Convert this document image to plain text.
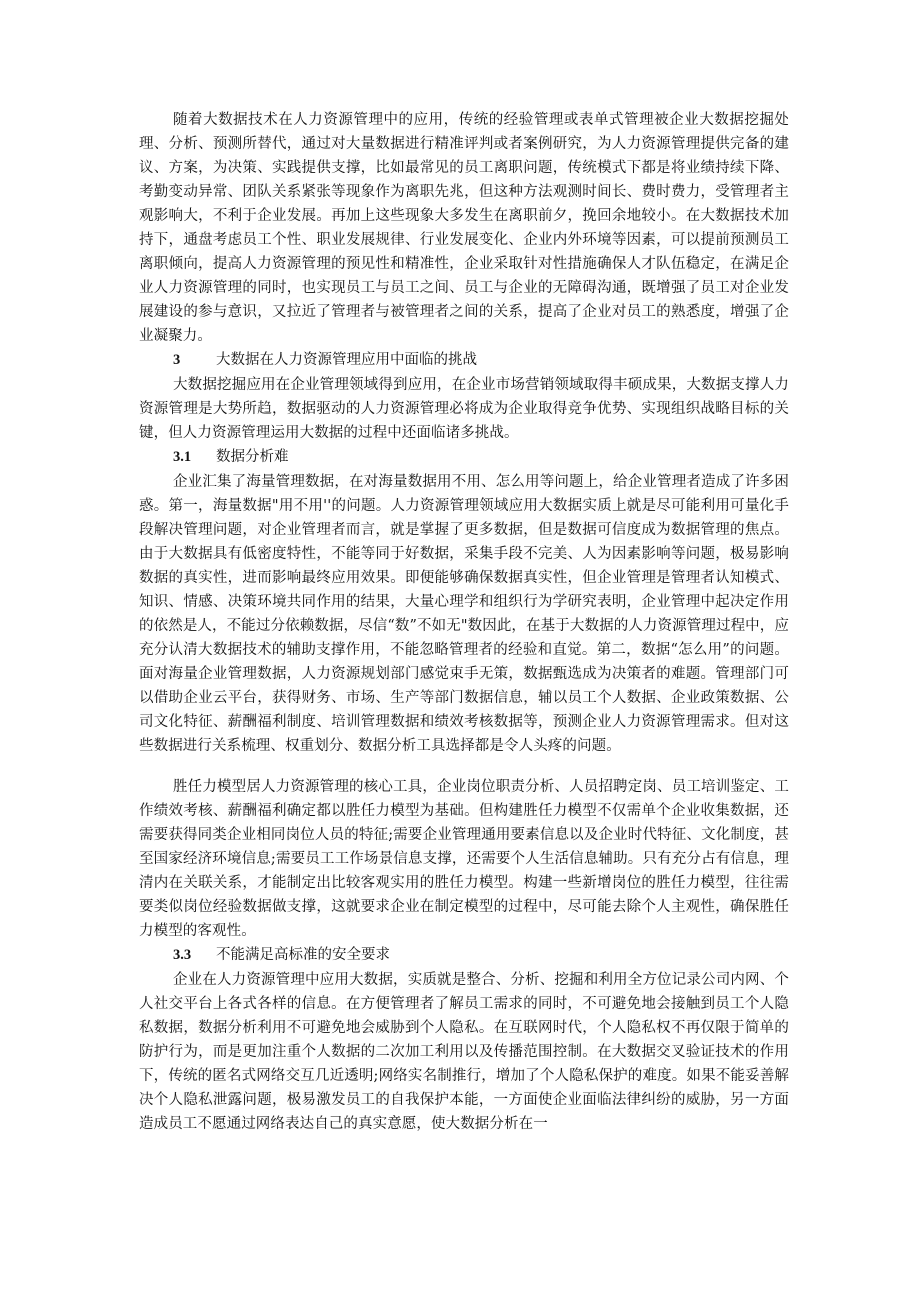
随着大数据技术在人力资源管理中的应用，传统的经验管理或表单式管理被企业大数据挖掘处理、分析、预测所替代，通过对大量数据进行精准评判或者案例研究，为人力资源管理提供完备的建议、方案，为决策、实践提供支撑，比如最常见的员工离职问题，传统模式下都是将业绩持续下降、考勤变动异常、团队关系紧张等现象作为离职先兆，但这种方法观测时间长、费时费力，受管理者主观影响大，不利于企业发展。再加上这些现象大多发生在离职前夕，挽回余地较小。在大数据技术加持下，通盘考虑员工个性、职业发展规律、行业发展变化、企业内外环境等因素，可以提前预测员工离职倾向，提高人力资源管理的预见性和精准性，企业采取针对性措施确保人才队伍稳定，在满足企业人力资源管理的同时，也实现员工与员工之间、员工与企业的无障碍沟通，既增强了员工对企业发展建设的参与意识，又拉近了管理者与被管理者之间的关系，提高了企业对员工的熟悉度，增强了企业凝聚力。

3 大数据在人力资源管理应用中面临的挑战

大数据挖掘应用在企业管理领域得到应用，在企业市场营销领域取得丰硕成果，大数据支撑人力资源管理是大势所趋，数据驱动的人力资源管理必将成为企业取得竞争优势、实现组织战略目标的关键，但人力资源管理运用大数据的过程中还面临诸多挑战。

3.1 数据分析难

企业汇集了海量管理数据，在对海量数据用不用、怎么用等问题上，给企业管理者造成了许多困惑。第一，海量数据"用不用''的问题。人力资源管理领域应用大数据实质上就是尽可能利用可量化手段解决管理问题，对企业管理者而言，就是掌握了更多数据，但是数据可信度成为数据管理的焦点。由于大数据具有低密度特性，不能等同于好数据，采集手段不完美、人为因素影响等问题，极易影响数据的真实性，进而影响最终应用效果。即便能够确保数据真实性，但企业管理是管理者认知模式、知识、情感、决策环境共同作用的结果，大量心理学和组织行为学研究表明，企业管理中起决定作用的依然是人，不能过分依赖数据，尽信“数”不如无"数因此，在基于大数据的人力资源管理过程中，应充分认清大数据技术的辅助支撑作用，不能忽略管理者的经验和直觉。第二，数据“怎么用”的问题。面对海量企业管理数据，人力资源规划部门感觉束手无策，数据甄选成为决策者的难题。管理部门可以借助企业云平台，获得财务、市场、生产等部门数据信息，辅以员工个人数据、企业政策数据、公司文化特征、薪酬福利制度、培训管理数据和绩效考核数据等，预测企业人力资源管理需求。但对这些数据进行关系梳理、权重划分、数据分析工具选择都是令人头疼的问题。

胜任力模型居人力资源管理的核心工具，企业岗位职责分析、人员招聘定岗、员工培训鉴定、工作绩效考核、薪酬福利确定都以胜任力模型为基础。但构建胜任力模型不仅需单个企业收集数据，还需要获得同类企业相同岗位人员的特征;需要企业管理通用要素信息以及企业时代特征、文化制度，甚至国家经济环境信息;需要员工工作场景信息支撑，还需要个人生活信息辅助。只有充分占有信息，理清内在关联关系，才能制定出比较客观实用的胜任力模型。构建一些新增岗位的胜任力模型，往往需要类似岗位经验数据做支撑，这就要求企业在制定模型的过程中，尽可能去除个人主观性，确保胜任力模型的客观性。

3.3 不能满足高标准的安全要求

企业在人力资源管理中应用大数据，实质就是整合、分析、挖掘和利用全方位记录公司内网、个人社交平台上各式各样的信息。在方便管理者了解员工需求的同时，不可避免地会接触到员工个人隐私数据，数据分析利用不可避免地会威胁到个人隐私。在互联网时代，个人隐私权不再仅限于简单的防护行为，而是更加注重个人数据的二次加工利用以及传播范围控制。在大数据交叉验证技术的作用下，传统的匿名式网络交互几近透明;网络实名制推行，增加了个人隐私保护的难度。如果不能妥善解决个人隐私泄露问题，极易激发员工的自我保护本能，一方面使企业面临法律纠纷的威胁，另一方面造成员工不愿通过网络表达自己的真实意愿，使大数据分析在一
